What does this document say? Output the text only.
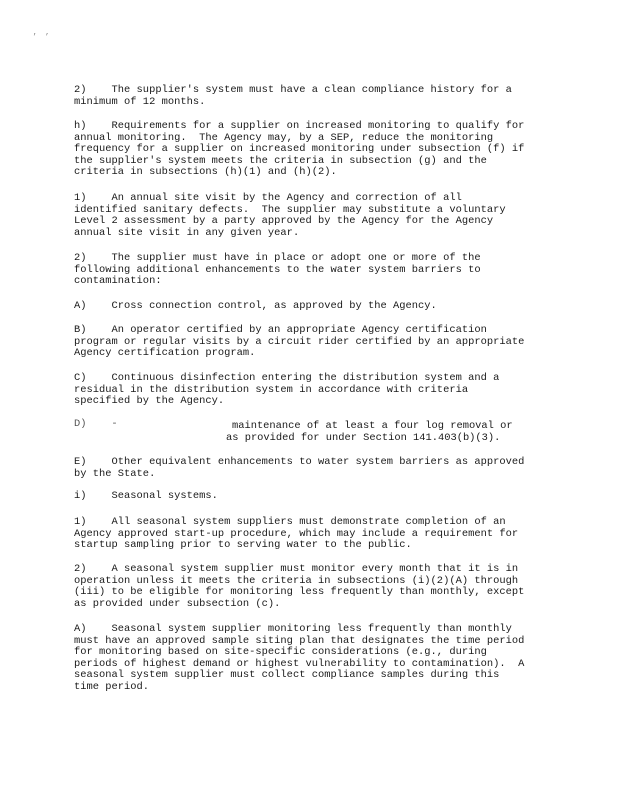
, ,

2)    The supplier's system must have a clean compliance history for a
minimum of 12 months.

h)    Requirements for a supplier on increased monitoring to qualify for
annual monitoring.  The Agency may, by a SEP, reduce the monitoring
frequency for a supplier on increased monitoring under subsection (f) if
the supplier's system meets the criteria in subsection (g) and the
criteria in subsections (h)(1) and (h)(2).

1)    An annual site visit by the Agency and correction of all
identified sanitary defects.  The supplier may substitute a voluntary
Level 2 assessment by a party approved by the Agency for the Agency
annual site visit in any given year.

2)    The supplier must have in place or adopt one or more of the
following additional enhancements to the water system barriers to
contamination:

A)    Cross connection control, as approved by the Agency.

B)    An operator certified by an appropriate Agency certification
program or regular visits by a circuit rider certified by an appropriate
Agency certification program.

C)    Continuous disinfection entering the distribution system and a
residual in the distribution system in accordance with criteria
specified by the Agency.

D)    -	maintenance of at least a four log removal or
as provided for under Section 141.403(b)(3).

E)    Other equivalent enhancements to water system barriers as approved
by the State.

i)    Seasonal systems.

1)    All seasonal system suppliers must demonstrate completion of an
Agency approved start-up procedure, which may include a requirement for
startup sampling prior to serving water to the public.

2)    A seasonal system supplier must monitor every month that it is in
operation unless it meets the criteria in subsections (i)(2)(A) through
(iii) to be eligible for monitoring less frequently than monthly, except
as provided under subsection (c).

A)    Seasonal system supplier monitoring less frequently than monthly
must have an approved sample siting plan that designates the time period
for monitoring based on site-specific considerations (e.g., during
periods of highest demand or highest vulnerability to contamination).  A
seasonal system supplier must collect compliance samples during this
time period.
